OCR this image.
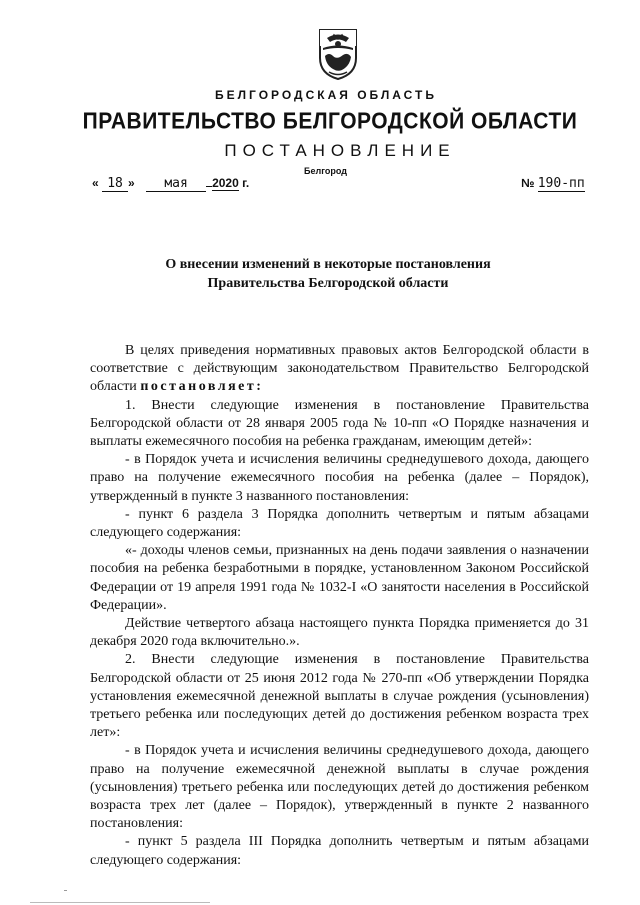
БЕЛГОРОДСКАЯ ОБЛАСТЬ
ПРАВИТЕЛЬСТВО БЕЛГОРОДСКОЙ ОБЛАСТИ
ПОСТАНОВЛЕНИЕ
Белгород
« 18 » мая 2020 г.	№ 190-пп
О внесении изменений в некоторые постановления
Правительства Белгородской области

В целях приведения нормативных правовых актов Белгородской области в соответствие с действующим законодательством Правительство Белгородской области постановляет:

1. Внести следующие изменения в постановление Правительства Белгородской области от 28 января 2005 года № 10-пп «О Порядке назначения и выплаты ежемесячного пособия на ребенка гражданам, имеющим детей»:

- в Порядок учета и исчисления величины среднедушевого дохода, дающего право на получение ежемесячного пособия на ребенка (далее – Порядок), утвержденный в пункте 3 названного постановления:

- пункт 6 раздела 3 Порядка дополнить четвертым и пятым абзацами следующего содержания:

«- доходы членов семьи, признанных на день подачи заявления о назначении пособия на ребенка безработными в порядке, установленном Законом Российской Федерации от 19 апреля 1991 года № 1032-I «О занятости населения в Российской Федерации».

Действие четвертого абзаца настоящего пункта Порядка применяется до 31 декабря 2020 года включительно.».

2. Внести следующие изменения в постановление Правительства Белгородской области от 25 июня 2012 года № 270-пп «Об утверждении Порядка установления ежемесячной денежной выплаты в случае рождения (усыновления) третьего ребенка или последующих детей до достижения ребенком возраста трех лет»:

- в Порядок учета и исчисления величины среднедушевого дохода, дающего право на получение ежемесячной денежной выплаты в случае рождения (усыновления) третьего ребенка или последующих детей до достижения ребенком возраста трех лет (далее – Порядок), утвержденный в пункте 2 названного постановления:

- пункт 5 раздела III Порядка дополнить четвертым и пятым абзацами следующего содержания:
